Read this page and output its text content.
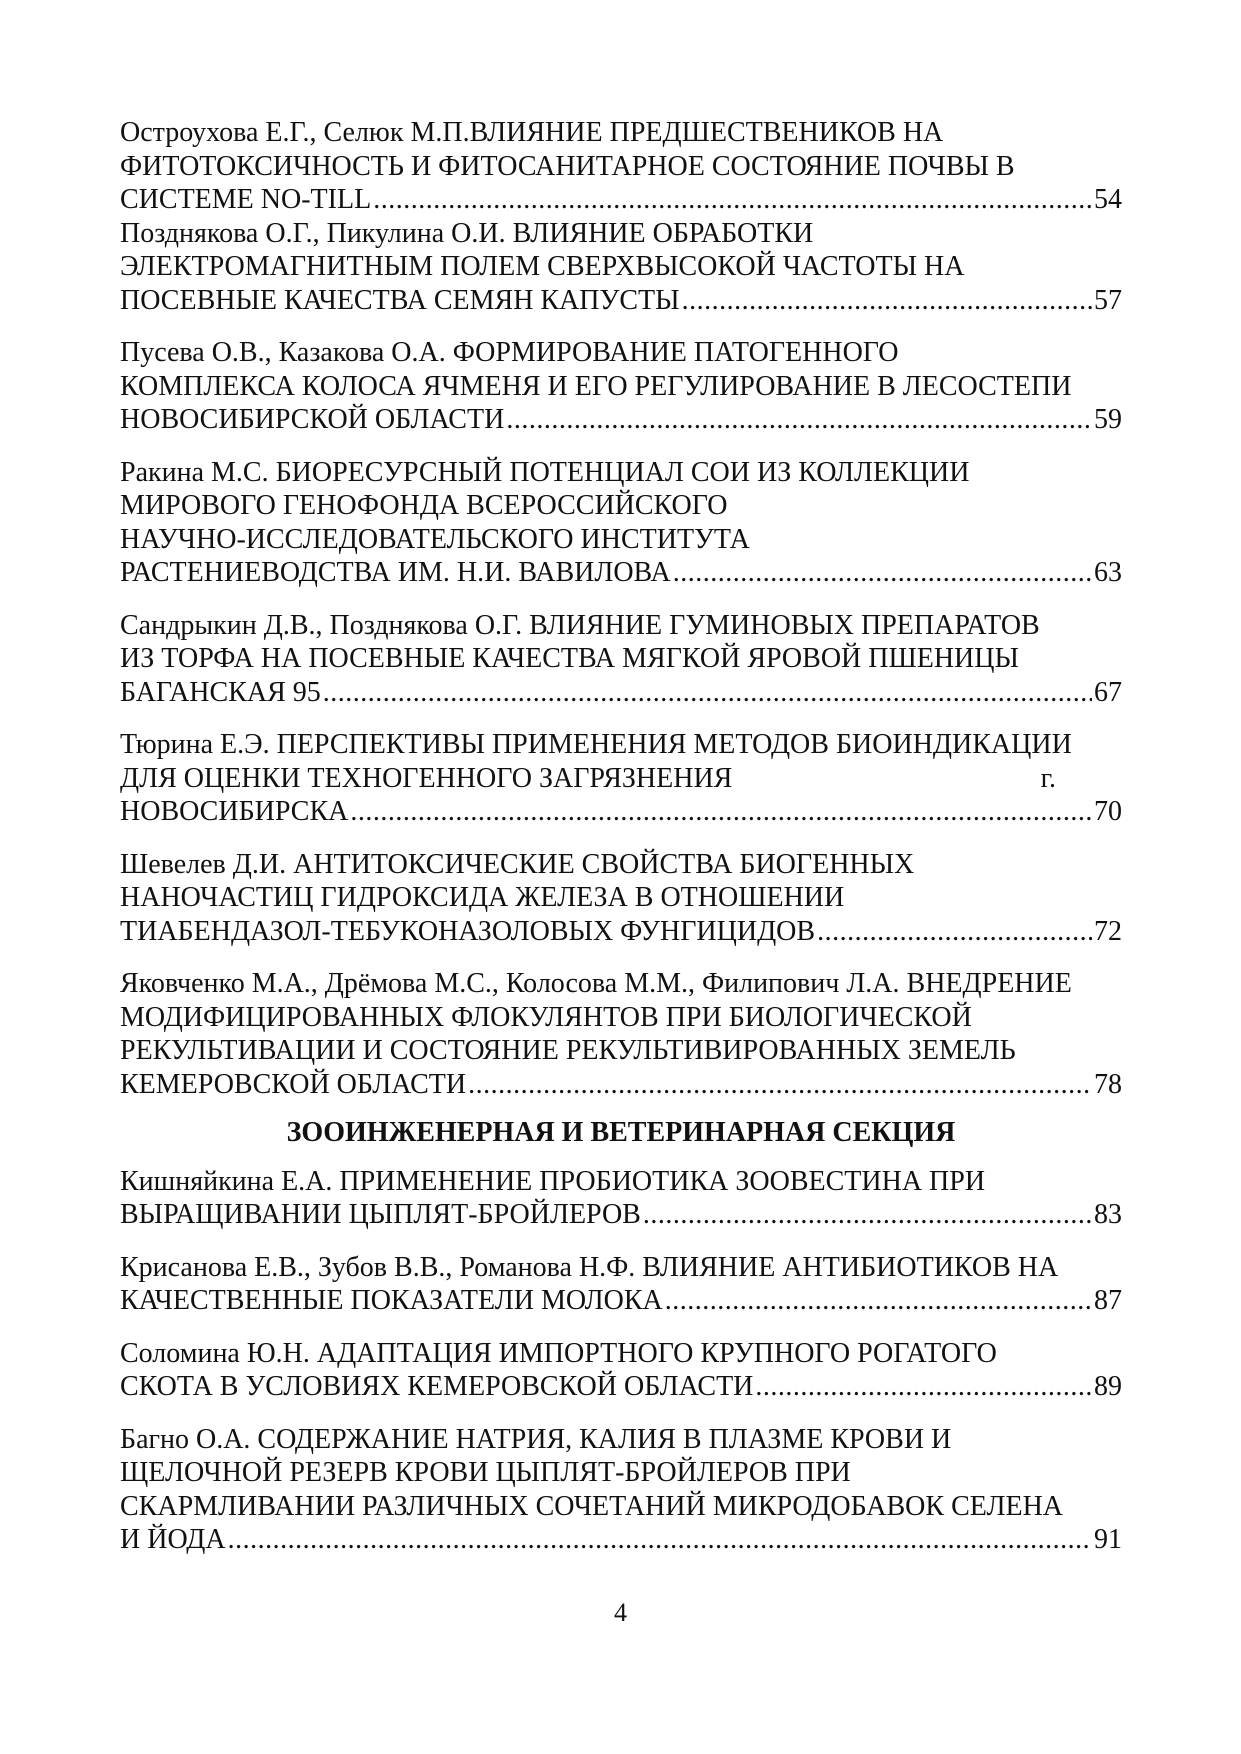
Остроухова Е.Г., Селюк М.П.ВЛИЯНИЕ ПРЕДШЕСТВЕНИКОВ НА
ФИТОТОКСИЧНОСТЬ И ФИТОСАНИТАРНОЕ СОСТОЯНИЕ ПОЧВЫ В
СИСТЕМЕ NO-TILL .....	54
Позднякова О.Г., Пикулина О.И. ВЛИЯНИЕ ОБРАБОТКИ
ЭЛЕКТРОМАГНИТНЫМ ПОЛЕМ СВЕРХВЫСОКОЙ ЧАСТОТЫ НА
ПОСЕВНЫЕ КАЧЕСТВА СЕМЯН КАПУСТЫ .....	57
Пусева О.В., Казакова О.А. ФОРМИРОВАНИЕ ПАТОГЕННОГО
КОМПЛЕКСА КОЛОСА ЯЧМЕНЯ И ЕГО РЕГУЛИРОВАНИЕ В ЛЕСОСТЕПИ
НОВОСИБИРСКОЙ ОБЛАСТИ .....	59
Ракина М.С. БИОРЕСУРСНЫЙ ПОТЕНЦИАЛ СОИ ИЗ КОЛЛЕКЦИИ
МИРОВОГО ГЕНОФОНДА ВСЕРОССИЙСКОГО
НАУЧНО-ИССЛЕДОВАТЕЛЬСКОГО ИНСТИТУТА
РАСТЕНИЕВОДСТВА ИМ. Н.И. ВАВИЛОВА .....	63
Сандрыкин Д.В., Позднякова О.Г. ВЛИЯНИЕ ГУМИНОВЫХ ПРЕПАРАТОВ
ИЗ ТОРФА НА ПОСЕВНЫЕ КАЧЕСТВА МЯГКОЙ ЯРОВОЙ ПШЕНИЦЫ
БАГАНСКАЯ 95 .....	67
Тюрина Е.Э. ПЕРСПЕКТИВЫ ПРИМЕНЕНИЯ МЕТОДОВ БИОИНДИКАЦИИ
ДЛЯ ОЦЕНКИ ТЕХНОГЕННОГО ЗАГРЯЗНЕНИЯ	г.
НОВОСИБИРСКА .....	70
Шевелев Д.И. АНТИТОКСИЧЕСКИЕ СВОЙСТВА БИОГЕННЫХ
НАНОЧАСТИЦ ГИДРОКСИДА ЖЕЛЕЗА В ОТНОШЕНИИ
ТИАБЕНДАЗОЛ-ТЕБУКОНАЗОЛОВЫХ ФУНГИЦИДОВ .....	72
Яковченко М.А., Дрёмова М.С., Колосова М.М., Филипович Л.А. ВНЕДРЕНИЕ
МОДИФИЦИРОВАННЫХ ФЛОКУЛЯНТОВ ПРИ БИОЛОГИЧЕСКОЙ
РЕКУЛЬТИВАЦИИ И СОСТОЯНИЕ РЕКУЛЬТИВИРОВАННЫХ ЗЕМЕЛЬ
КЕМЕРОВСКОЙ ОБЛАСТИ .....	78
ЗООИНЖЕНЕРНАЯ И ВЕТЕРИНАРНАЯ СЕКЦИЯ
Кишняйкина Е.А. ПРИМЕНЕНИЕ ПРОБИОТИКА ЗООВЕСТИНА ПРИ
ВЫРАЩИВАНИИ ЦЫПЛЯТ-БРОЙЛЕРОВ .....	83
Крисанова Е.В., Зубов В.В., Романова Н.Ф. ВЛИЯНИЕ АНТИБИОТИКОВ НА
КАЧЕСТВЕННЫЕ ПОКАЗАТЕЛИ МОЛОКА .....	87
Соломина Ю.Н. АДАПТАЦИЯ ИМПОРТНОГО КРУПНОГО РОГАТОГО
СКОТА В УСЛОВИЯХ КЕМЕРОВСКОЙ ОБЛАСТИ .....	89
Багно О.А. СОДЕРЖАНИЕ НАТРИЯ, КАЛИЯ В ПЛАЗМЕ КРОВИ И
ЩЕЛОЧНОЙ РЕЗЕРВ КРОВИ ЦЫПЛЯТ-БРОЙЛЕРОВ ПРИ
СКАРМЛИВАНИИ РАЗЛИЧНЫХ СОЧЕТАНИЙ МИКРОДОБАВОК СЕЛЕНА
И ЙОДА .....	91
4
